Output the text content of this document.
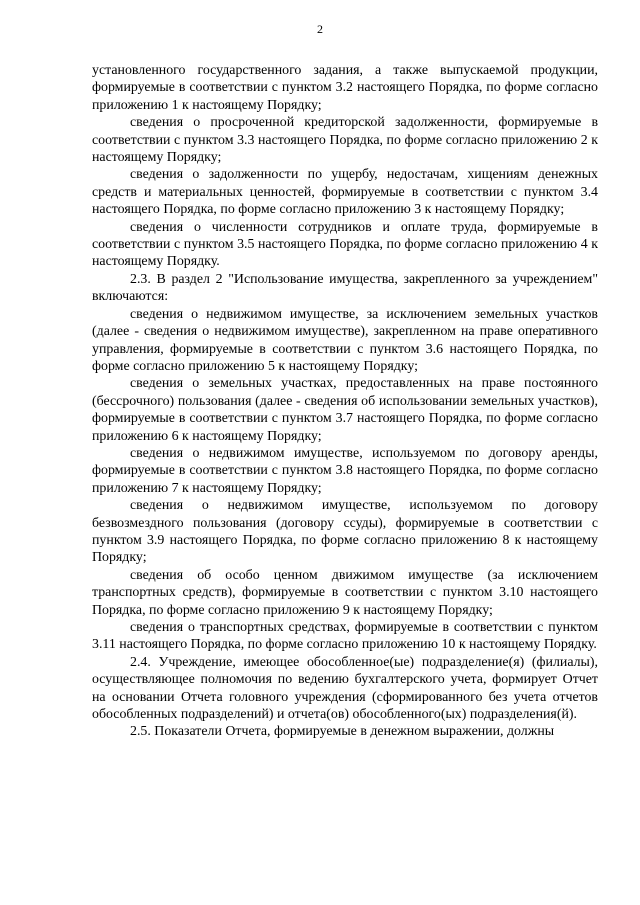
2

установленного государственного задания, а также выпускаемой продукции, формируемые в соответствии с пунктом 3.2 настоящего Порядка, по форме согласно приложению 1 к настоящему Порядку;

сведения о просроченной кредиторской задолженности, формируемые в соответствии с пунктом 3.3 настоящего Порядка, по форме согласно приложению 2 к настоящему Порядку;

сведения о задолженности по ущербу, недостачам, хищениям денежных средств и материальных ценностей, формируемые в соответствии с пунктом 3.4 настоящего Порядка, по форме согласно приложению 3 к настоящему Порядку;

сведения о численности сотрудников и оплате труда, формируемые в соответствии с пунктом 3.5 настоящего Порядка, по форме согласно приложению 4 к настоящему Порядку.

2.3. В раздел 2 "Использование имущества, закрепленного за учреждением" включаются:

сведения о недвижимом имуществе, за исключением земельных участков (далее - сведения о недвижимом имуществе), закрепленном на праве оперативного управления, формируемые в соответствии с пунктом 3.6 настоящего Порядка, по форме согласно приложению 5 к настоящему Порядку;

сведения о земельных участках, предоставленных на праве постоянного (бессрочного) пользования (далее - сведения об использовании земельных участков), формируемые в соответствии с пунктом 3.7 настоящего Порядка, по форме согласно приложению 6 к настоящему Порядку;

сведения о недвижимом имуществе, используемом по договору аренды, формируемые в соответствии с пунктом 3.8 настоящего Порядка, по форме согласно приложению 7 к настоящему Порядку;

сведения о недвижимом имуществе, используемом по договору безвозмездного пользования (договору ссуды), формируемые в соответствии с пунктом 3.9 настоящего Порядка, по форме согласно приложению 8 к настоящему Порядку;

сведения об особо ценном движимом имуществе (за исключением транспортных средств), формируемые в соответствии с пунктом 3.10 настоящего Порядка, по форме согласно приложению 9 к настоящему Порядку;

сведения о транспортных средствах, формируемые в соответствии с пунктом 3.11 настоящего Порядка, по форме согласно приложению 10 к настоящему Порядку.

2.4. Учреждение, имеющее обособленное(ые) подразделение(я) (филиалы), осуществляющее полномочия по ведению бухгалтерского учета, формирует Отчет на основании Отчета головного учреждения (сформированного без учета отчетов обособленных подразделений) и отчета(ов) обособленного(ых) подразделения(й).

2.5. Показатели Отчета, формируемые в денежном выражении, должны
